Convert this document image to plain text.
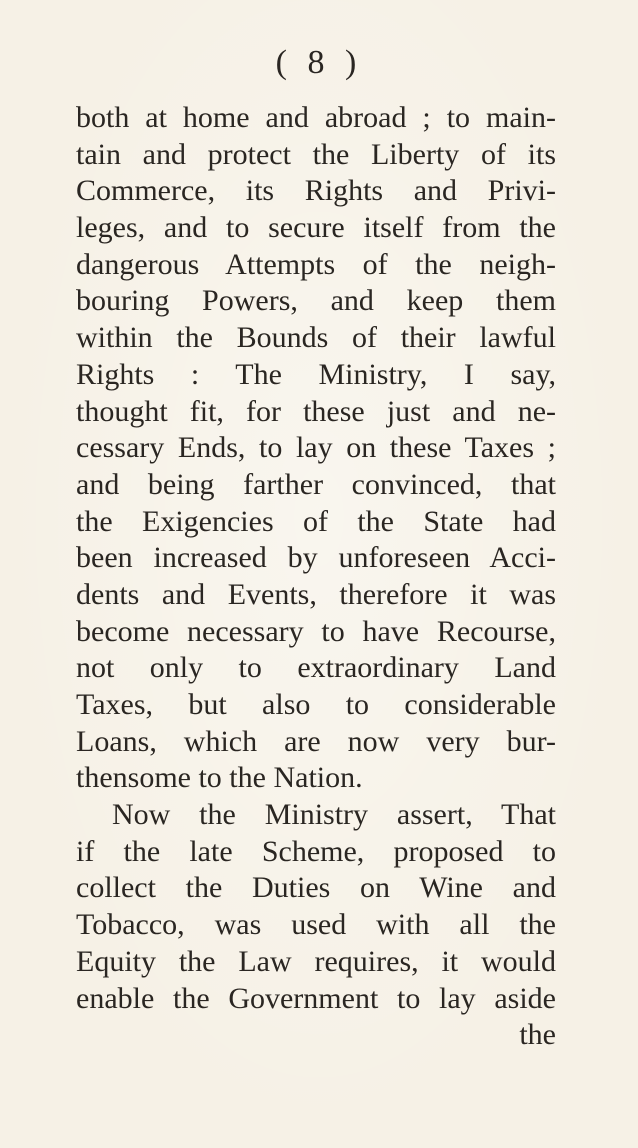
( 8 )
both at home and abroad ; to main-
tain and protect the Liberty of its
Commerce, its Rights and Privi-
leges, and to secure itself from the
dangerous Attempts of the neigh-
bouring Powers, and keep them
within the Bounds of their lawful
Rights : The Ministry, I say,
thought fit, for these just and ne-
cessary Ends, to lay on these Taxes ;
and being farther convinced, that
the Exigencies of the State had
been increased by unforeseen Acci-
dents and Events, therefore it was
become necessary to have Recourse,
not only to extraordinary Land
Taxes, but also to considerable
Loans, which are now very bur-
thensome to the Nation.
Now the Ministry assert, That
if the late Scheme, proposed to
collect the Duties on Wine and
Tobacco, was used with all the
Equity the Law requires, it would
enable the Government to lay aside
the
